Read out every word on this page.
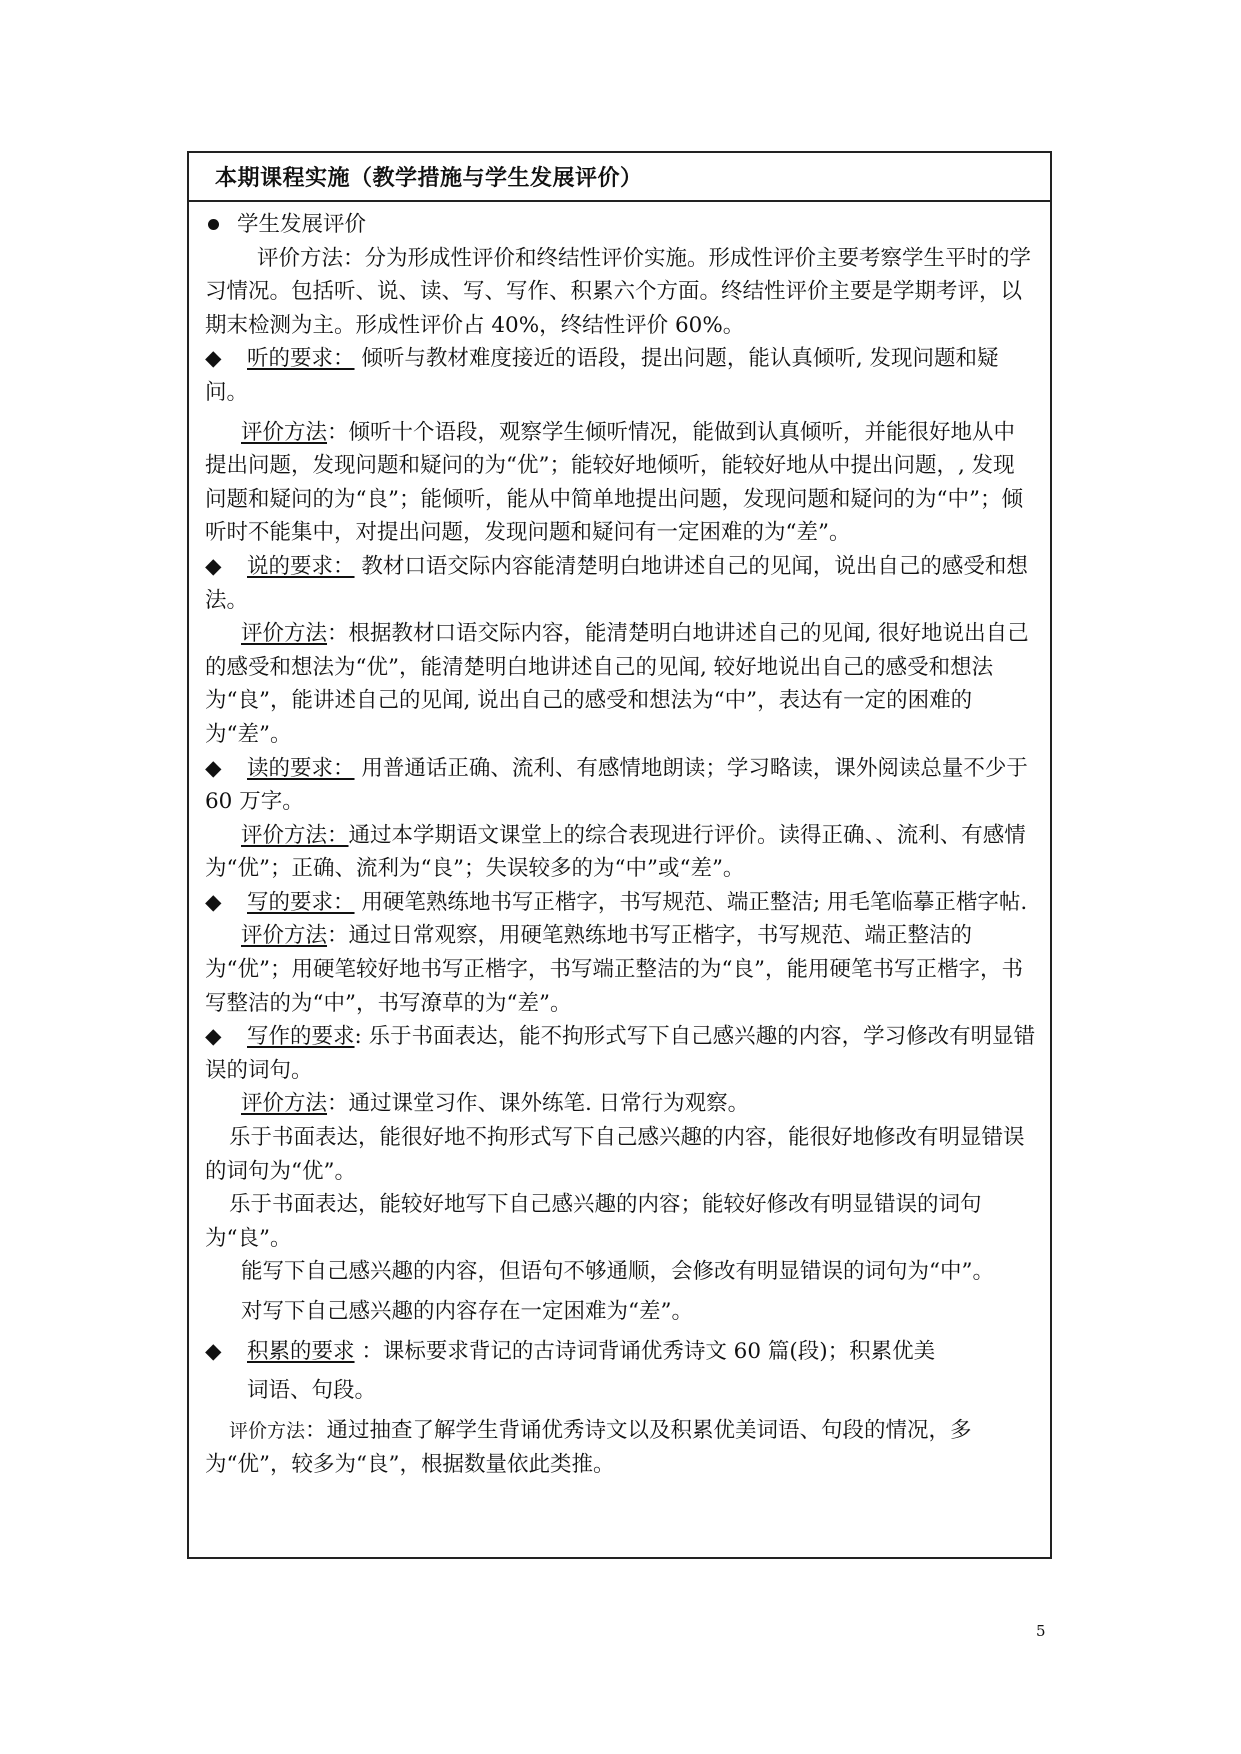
本期课程实施（教学措施与学生发展评价）

学生发展评价

评价方法：分为形成性评价和终结性评价实施。形成性评价主要考察学生平时的学习情况。包括听、说、读、写、写作、积累六个方面。终结性评价主要是学期考评，以期末检测为主。形成性评价占 40%，终结性评价 60%。

◆ 听的要求： 倾听与教材难度接近的语段，提出问题，能认真倾听, 发现问题和疑问。

评价方法：倾听十个语段，观察学生倾听情况，能做到认真倾听，并能很好地从中提出问题，发现问题和疑问的为“优”；能较好地倾听，能较好地从中提出问题，, 发现问题和疑问的为“良”；能倾听，能从中简单地提出问题，发现问题和疑问的为“中”；倾听时不能集中，对提出问题，发现问题和疑问有一定困难的为“差”。

◆ 说的要求： 教材口语交际内容能清楚明白地讲述自己的见闻，说出自己的感受和想法。

评价方法：根据教材口语交际内容，能清楚明白地讲述自己的见闻, 很好地说出自己的感受和想法为“优”，能清楚明白地讲述自己的见闻, 较好地说出自己的感受和想法为“良”，能讲述自己的见闻, 说出自己的感受和想法为“中”，表达有一定的困难的为“差”。

◆ 读的要求： 用普通话正确、流利、有感情地朗读；学习略读，课外阅读总量不少于 60 万字。

评价方法：通过本学期语文课堂上的综合表现进行评价。读得正确、、流利、有感情为“优”；正确、流利为“良”；失误较多的为“中”或“差”。

◆ 写的要求： 用硬笔熟练地书写正楷字，书写规范、端正整洁; 用毛笔临摹正楷字帖.

评价方法：通过日常观察，用硬笔熟练地书写正楷字，书写规范、端正整洁的为“优”；用硬笔较好地书写正楷字，书写端正整洁的为“良”，能用硬笔书写正楷字，书写整洁的为“中”，书写潦草的为“差”。

◆ 写作的要求: 乐于书面表达，能不拘形式写下自己感兴趣的内容，学习修改有明显错误的词句。

评价方法：通过课堂习作、课外练笔. 日常行为观察。

乐于书面表达，能很好地不拘形式写下自己感兴趣的内容，能很好地修改有明显错误的词句为“优”。

乐于书面表达，能较好地写下自己感兴趣的内容；能较好修改有明显错误的词句为“良”。

能写下自己感兴趣的内容，但语句不够通顺，会修改有明显错误的词句为“中”。

对写下自己感兴趣的内容存在一定困难为“差”。

◆ 积累的要求 ：课标要求背记的古诗词背诵优秀诗文 60 篇(段)；积累优美

词语、句段。

评价方法：通过抽查了解学生背诵优秀诗文以及积累优美词语、句段的情况，多为“优”，较多为“良”，根据数量依此类推。

5
